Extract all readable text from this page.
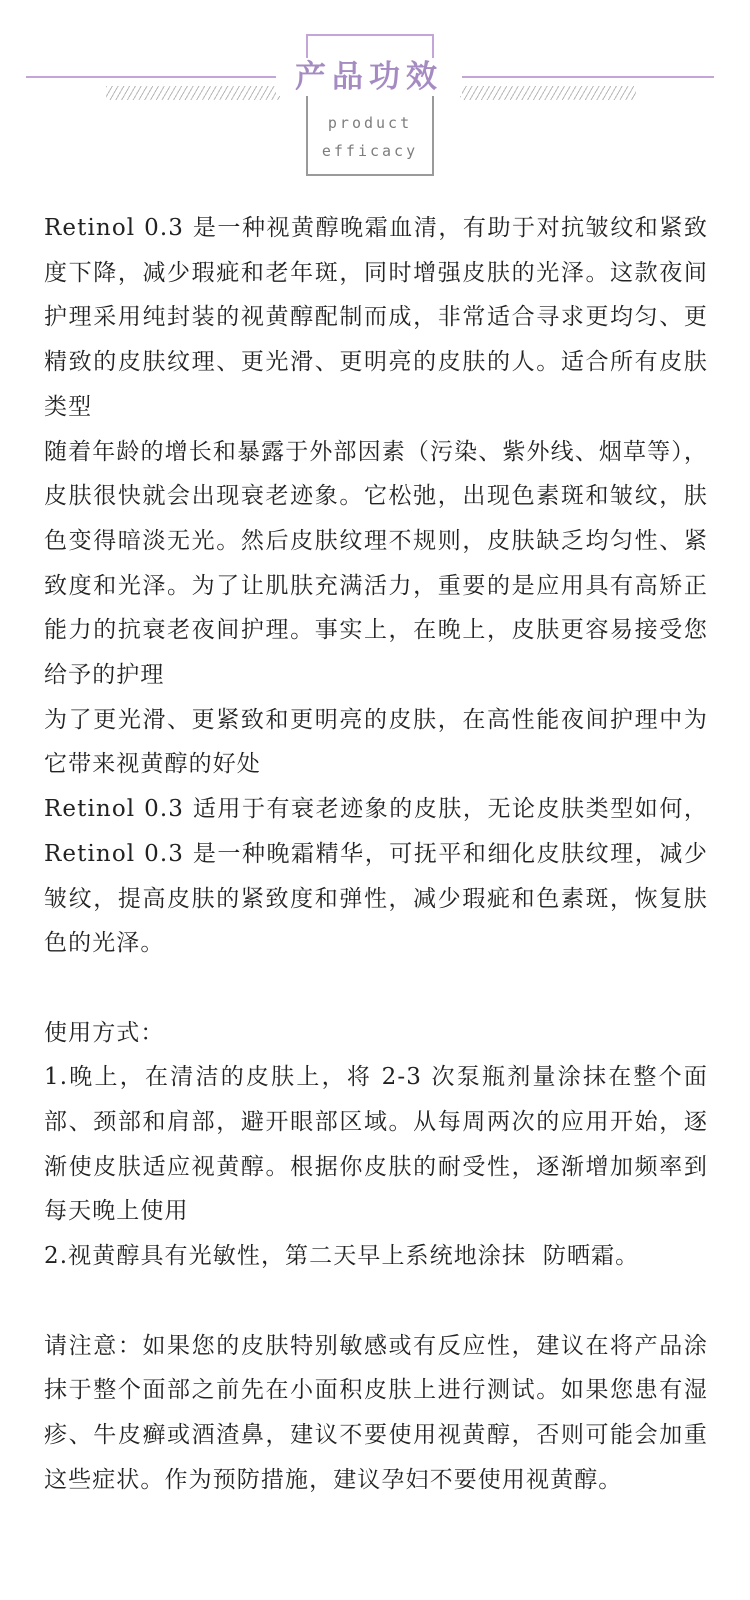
产品功效
product
efficacy

Retinol 0.3 是一种视黄醇晚霜血清，有助于对抗皱纹和紧致度下降，减少瑕疵和老年斑，同时增强皮肤的光泽。这款夜间护理采用纯封装的视黄醇配制而成，非常适合寻求更均匀、更精致的皮肤纹理、更光滑、更明亮的皮肤的人。适合所有皮肤类型

随着年龄的增长和暴露于外部因素（污染、紫外线、烟草等），皮肤很快就会出现衰老迹象。它松弛，出现色素斑和皱纹，肤色变得暗淡无光。然后皮肤纹理不规则，皮肤缺乏均匀性、紧致度和光泽。为了让肌肤充满活力，重要的是应用具有高矫正能力的抗衰老夜间护理。事实上，在晚上，皮肤更容易接受您给予的护理

为了更光滑、更紧致和更明亮的皮肤，在高性能夜间护理中为它带来视黄醇的好处

Retinol 0.3 适用于有衰老迹象的皮肤，无论皮肤类型如何，Retinol 0.3 是一种晚霜精华，可抚平和细化皮肤纹理，减少皱纹，提高皮肤的紧致度和弹性，减少瑕疵和色素斑，恢复肤色的光泽。

使用方式：

1.晚上，在清洁的皮肤上，将 2-3 次泵瓶剂量涂抹在整个面部、颈部和肩部，避开眼部区域。从每周两次的应用开始，逐渐使皮肤适应视黄醇。根据你皮肤的耐受性，逐渐增加频率到每天晚上使用

2.视黄醇具有光敏性，第二天早上系统地涂抹  防晒霜。

请注意：如果您的皮肤特别敏感或有反应性，建议在将产品涂抹于整个面部之前先在小面积皮肤上进行测试。如果您患有湿疹、牛皮癣或酒渣鼻，建议不要使用视黄醇，否则可能会加重这些症状。作为预防措施，建议孕妇不要使用视黄醇。
